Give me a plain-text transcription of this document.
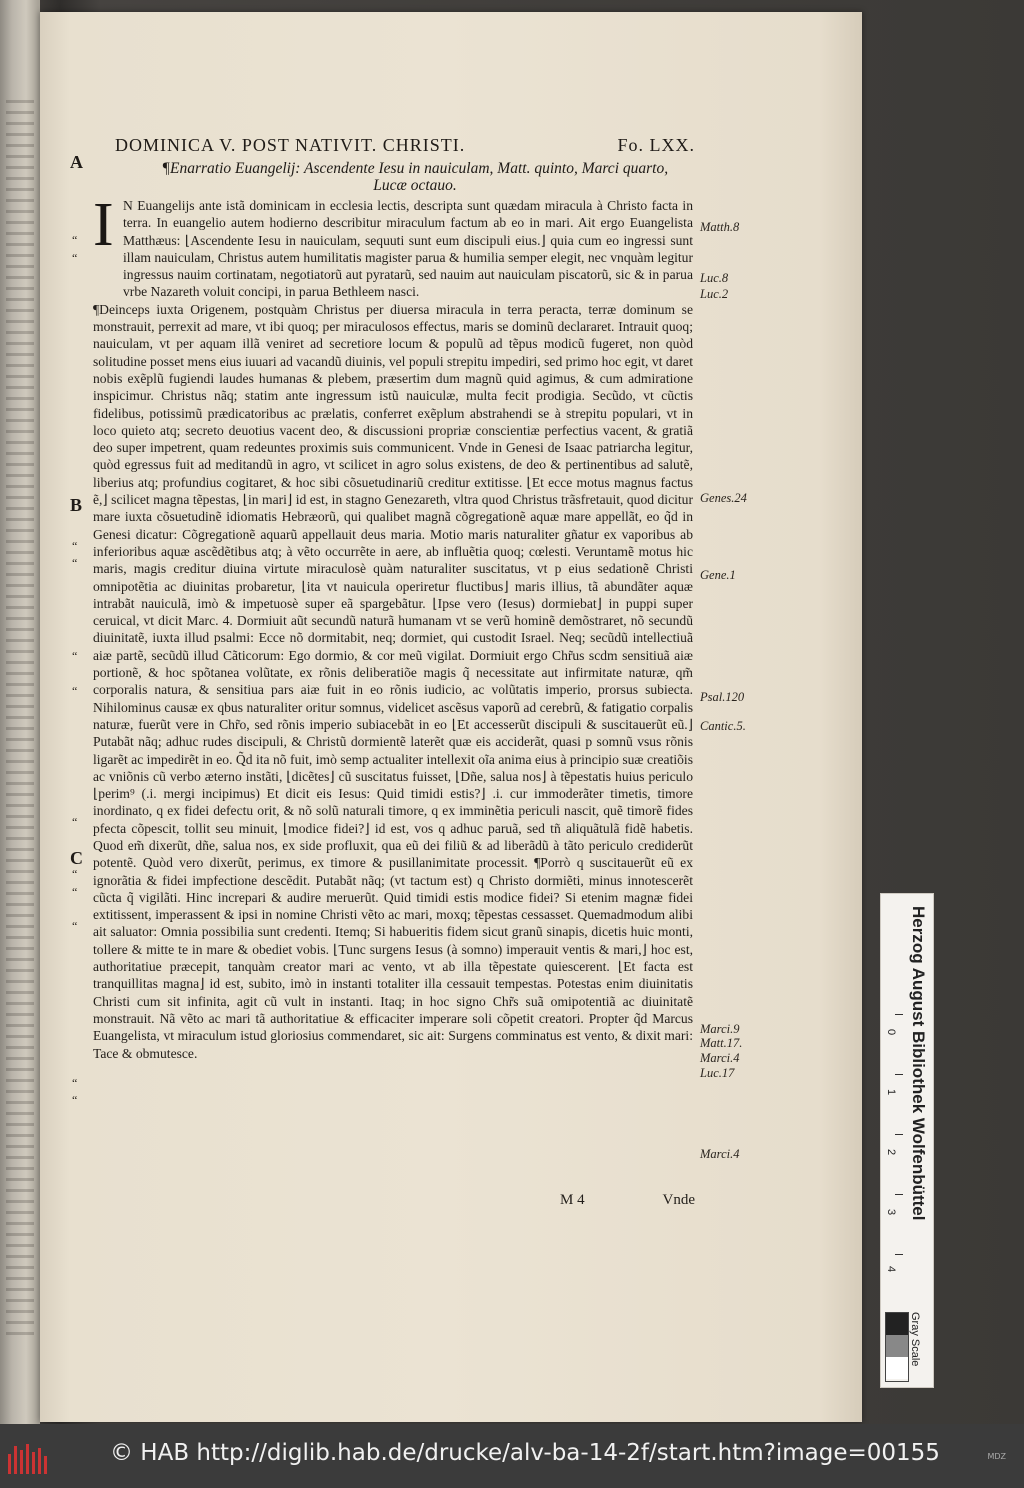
DOMINICA V. POST NATIVIT. CHRISTI.	Fo. LXX.
A
B
C
¶Enarratio Euangelij: Ascendente Iesu in nauiculam, Matt. quinto, Marci quarto, Lucæ octauo.
I N Euangelijs ante istã dominicam in ecclesia lectis, descripta sunt quædam miracula à Christo facta in terra. In euangelio autem hodierno describitur miraculum factum ab eo in mari. Ait ergo Euangelista Matthæus: ⌊Ascendente Iesu in nauiculam, sequuti sunt eum discipuli eius.⌋ quia cum eo ingressi sunt illam nauiculam, Christus autem humilitatis magister parua & humilia semper elegit, nec vnquàm legitur ingressus nauim cortinatam, negotiatorũ aut pyratarũ, sed nauim aut nauiculam piscatorũ, sic & in parua vrbe Nazareth voluit concipi, in parua Bethleem nasci.

¶Deinceps iuxta Origenem, postquàm Christus per diuersa miracula in terra peracta, terræ dominum se monstrauit, perrexit ad mare, vt ibi quoq; per miraculosos effectus, maris se dominũ declararet. Intrauit quoq; nauiculam, vt per aquam illã veniret ad secretiore locum & populũ ad tẽpus modicũ fugeret, non quòd solitudine posset mens eius iuuari ad vacandũ diuinis, vel populi strepitu impediri, sed primo hoc egit, vt daret nobis exẽplũ fugiendi laudes humanas & plebem, præsertim dum magnũ quid agimus, & cum admiratione inspicimur. Christus nãq; statim ante ingressum istũ nauiculæ, multa fecit prodigia. Secũdo, vt cũctis fidelibus, potissimũ prædicatoribus ac prælatis, conferret exẽplum abstrahendi se à strepitu populari, vt in loco quieto atq; secreto deuotius vacent deo, & discussioni propriæ conscientiæ perfectius vacent, & gratiã deo super impetrent, quam redeuntes proximis suis communicent. Vnde in Genesi de Isaac patriarcha legitur, quòd egressus fuit ad meditandũ in agro, vt scilicet in agro solus existens, de deo & pertinentibus ad salutẽ, liberius atq; profundius cogitaret, & hoc sibi cõsuetudinariũ creditur extitisse. ⌊Et ecce motus magnus factus ẽ,⌋ scilicet magna tẽpestas, ⌊in mari⌋ id est, in stagno Genezareth, vltra quod Christus trãsfretauit, quod dicitur mare iuxta cõsuetudinẽ idiomatis Hebræorũ, qui qualibet magnã cõgregationẽ aquæ mare appellãt, eo q̃d in Genesi dicatur: Cõgregationẽ aquarũ appellauit deus maria. Motio maris naturaliter gñatur ex vaporibus ab inferioribus aquæ ascẽdẽtibus atq; à vẽto occurrẽte in aere, ab influẽtia quoq; cœlesti. Veruntamẽ motus hic maris, magis creditur diuina virtute miraculosè quàm naturaliter suscitatus, vt p eius sedationẽ Christi omnipotẽtia ac diuinitas probaretur, ⌊ita vt nauicula operiretur fluctibus⌋ maris illius, tã abundãter aquæ intrabãt nauiculã, imò & impetuosè super eã spargebãtur. ⌊Ipse vero (Iesus) dormiebat⌋ in puppi super ceruical, vt dicit Marc. 4. Dormiuit aũt secundũ naturã humanam vt se verũ hominẽ demõstraret, nõ secundũ diuinitatẽ, iuxta illud psalmi: Ecce nõ dormitabit, neq; dormiet, qui custodit Israel. Neq; secũdũ intellectiuã aiæ partẽ, secũdũ illud Cãticorum: Ego dormio, & cor meũ vigilat. Dormiuit ergo Chr̃us scdm sensitiuã aiæ portionẽ, & hoc spõtanea volũtate, ex rõnis deliberatiõe magis q̃ necessitate aut infirmitate naturæ, qm̃ corporalis natura, & sensitiua pars aiæ fuit in eo rõnis iudicio, ac volũtatis imperio, prorsus subiecta. Nihilominus causæ ex qbus naturaliter oritur somnus, videlicet ascẽsus vaporũ ad cerebrũ, & fatigatio corpalis naturæ, fuerũt vere in Chr̃o, sed rõnis imperio subiacebãt in eo ⌊Et accesserũt discipuli & suscitauerũt eũ.⌋ Putabãt nãq; adhuc rudes discipuli, & Christũ dormientẽ laterẽt quæ eis acciderãt, quasi p somnũ vsus rõnis ligarẽt ac impedirẽt in eo. Q̃d ita nõ fuit, imò semp actualiter intellexit oĩa anima eius à principio suæ creatiõis ac vniõnis cũ verbo æterno instãti, ⌊dicẽtes⌋ cũ suscitatus fuisset, ⌊Dñe, salua nos⌋ à tẽpestatis huius periculo ⌊perim⁹ (.i. mergi incipimus) Et dicit eis Iesus: Quid timidi estis?⌋ .i. cur immoderãter timetis, timore inordinato, q ex fidei defectu orit, & nõ solũ naturali timore, q ex imminẽtia periculi nascit, quẽ timorẽ fides pfecta cõpescit, tollit seu minuit, ⌊modice fidei?⌋ id est, vos q adhuc paruã, sed tñ aliquãtulã fidẽ habetis. Quod em̃ dixerũt, dñe, salua nos, ex side profluxit, qua eũ dei filiũ & ad liberãdũ à tãto periculo crediderũt potentẽ. Quòd vero dixerũt, perimus, ex timore & pusillanimitate processit. ¶Porrò q suscitauerũt eũ ex ignorãtia & fidei impfectione descẽdit. Putabãt nãq; (vt tactum est) q Christo dormiẽti, minus innotescerẽt cũcta q̃ vigilãti. Hinc increpari & audire meruerũt. Quid timidi estis modice fidei? Si etenim magnæ fidei extitissent, imperassent & ipsi in nomine Christi vẽto ac mari, moxq; tẽpestas cessasset. Quemadmodum alibi ait saluator: Omnia possibilia sunt credenti. Itemq; Si habueritis fidem sicut granũ sinapis, dicetis huic monti, tollere & mitte te in mare & obediet vobis. ⌊Tunc surgens Iesus (à somno) imperauit ventis & mari,⌋ hoc est, authoritatiue præcepit, tanquàm creator mari ac vento, vt ab illa tẽpestate quiescerent. ⌊Et facta est tranquillitas magna⌋ id est, subito, imò in instanti totaliter illa cessauit tempestas. Potestas enim diuinitatis Christi cum sit infinita, agit cũ vult in instanti. Itaq; in hoc signo Chr̃s suã omipotentiã ac diuinitatẽ monstrauit. Nã vẽto ac mari tã authoritatiue & efficaciter imperare soli cõpetit creatori. Propter q̃d Marcus Euangelista, vt miraculum istud gloriosius commendaret, sic ait: Surgens comminatus est vento, & dixit mari: Tace & obmutesce.

“
“
“
“
“
“
“
“
“
“
“
“
Matth.8
Luc.8
Luc.2
Genes.24
Gene.1
Psal.120
Cantic.5.
Marci.9
Matt.17.
Marci.4
Luc.17
Marci.4
M 4	Vnde	Herzog August Bibliothek Wolfenbüttel
0
1
2
3
4
Gray Scale
© HAB http://diglib.hab.de/drucke/alv-ba-14-2f/start.htm?image=00155	MDZ
